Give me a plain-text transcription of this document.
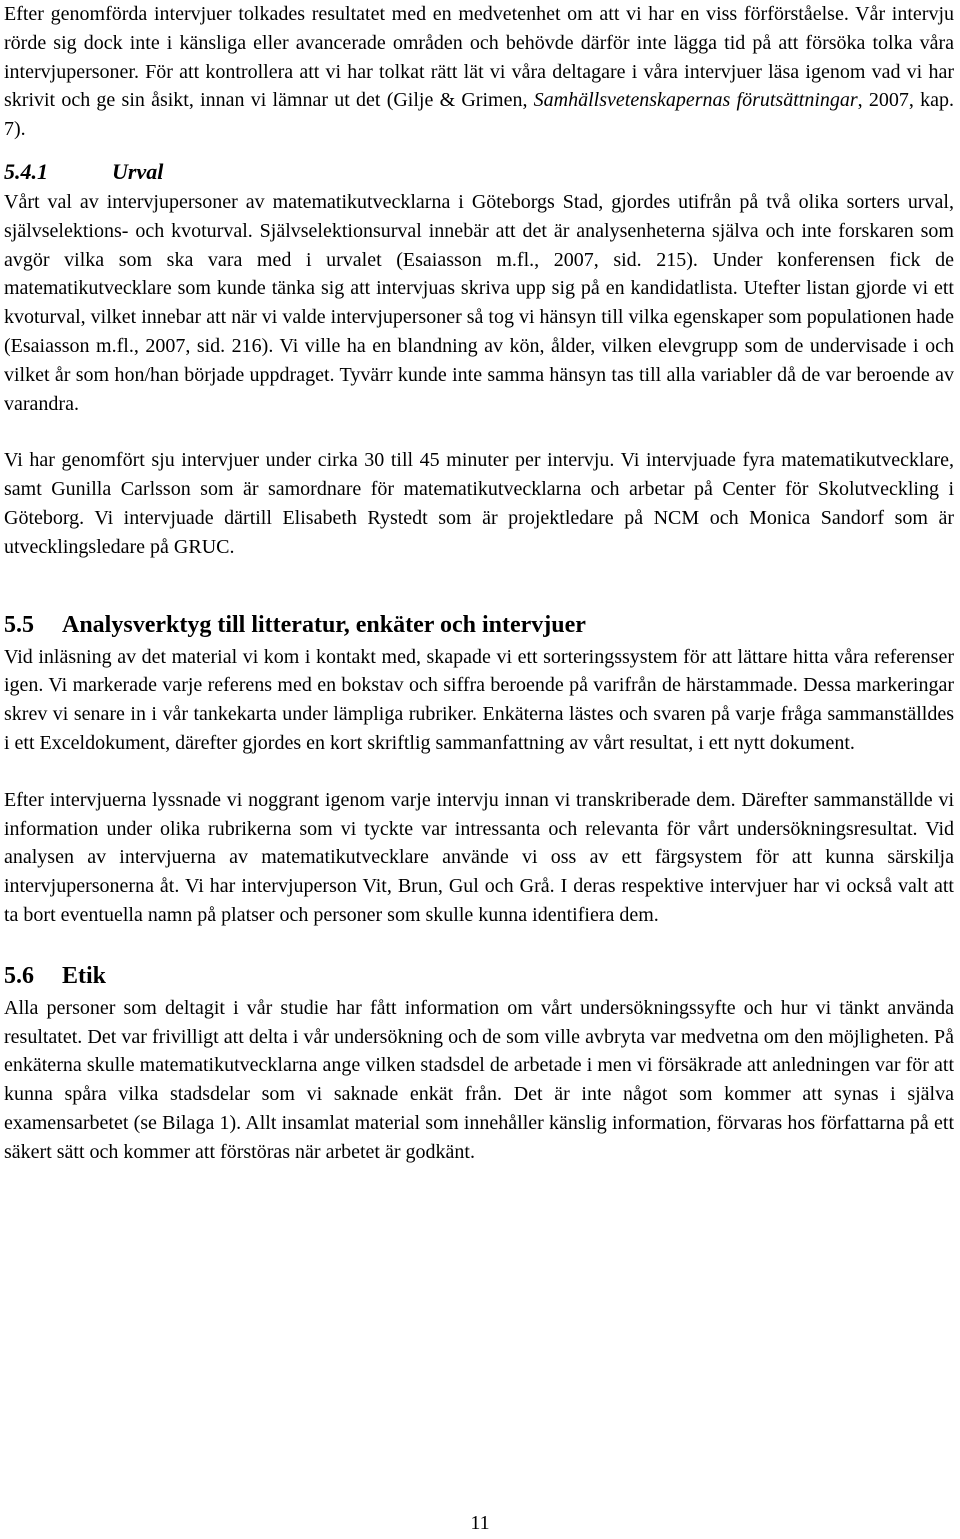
Efter genomförda intervjuer tolkades resultatet med en medvetenhet om att vi har en viss förförståelse. Vår intervju rörde sig dock inte i känsliga eller avancerade områden och behövde därför inte lägga tid på att försöka tolka våra intervjupersoner. För att kontrollera att vi har tolkat rätt lät vi våra deltagare i våra intervjuer läsa igenom vad vi har skrivit och ge sin åsikt, innan vi lämnar ut det (Gilje & Grimen, Samhällsvetenskapernas förutsättningar, 2007, kap. 7).

5.4.1	Urval

Vårt val av intervjupersoner av matematikutvecklarna i Göteborgs Stad, gjordes utifrån på två olika sorters urval, självselektions- och kvoturval. Självselektionsurval innebär att det är analysenheterna själva och inte forskaren som avgör vilka som ska vara med i urvalet (Esaiasson m.fl., 2007, sid. 215). Under konferensen fick de matematikutvecklare som kunde tänka sig att intervjuas skriva upp sig på en kandidatlista. Utefter listan gjorde vi ett kvoturval, vilket innebar att när vi valde intervjupersoner så tog vi hänsyn till vilka egenskaper som populationen hade (Esaiasson m.fl., 2007, sid. 216). Vi ville ha en blandning av kön, ålder, vilken elevgrupp som de undervisade i och vilket år som hon/han började uppdraget. Tyvärr kunde inte samma hänsyn tas till alla variabler då de var beroende av varandra.

Vi har genomfört sju intervjuer under cirka 30 till 45 minuter per intervju. Vi intervjuade fyra matematikutvecklare, samt Gunilla Carlsson som är samordnare för matematikutvecklarna och arbetar på Center för Skolutveckling i Göteborg. Vi intervjuade därtill Elisabeth Rystedt som är projektledare på NCM och Monica Sandorf som är utvecklingsledare på GRUC.

5.5	Analysverktyg till litteratur, enkäter och intervjuer

Vid inläsning av det material vi kom i kontakt med, skapade vi ett sorteringssystem för att lättare hitta våra referenser igen. Vi markerade varje referens med en bokstav och siffra beroende på varifrån de härstammade. Dessa markeringar skrev vi senare in i vår tankekarta under lämpliga rubriker. Enkäterna lästes och svaren på varje fråga sammanställdes i ett Exceldokument, därefter gjordes en kort skriftlig sammanfattning av vårt resultat, i ett nytt dokument.

Efter intervjuerna lyssnade vi noggrant igenom varje intervju innan vi transkriberade dem. Därefter sammanställde vi information under olika rubrikerna som vi tyckte var intressanta och relevanta för vårt undersökningsresultat. Vid analysen av intervjuerna av matematikutvecklare använde vi oss av ett färgsystem för att kunna särskilja intervjupersonerna åt. Vi har intervjuperson Vit, Brun, Gul och Grå. I deras respektive intervjuer har vi också valt att ta bort eventuella namn på platser och personer som skulle kunna identifiera dem.

5.6	Etik

Alla personer som deltagit i vår studie har fått information om vårt undersökningssyfte och hur vi tänkt använda resultatet. Det var frivilligt att delta i vår undersökning och de som ville avbryta var medvetna om den möjligheten. På enkäterna skulle matematikutvecklarna ange vilken stadsdel de arbetade i men vi försäkrade att anledningen var för att kunna spåra vilka stadsdelar som vi saknade enkät från. Det är inte något som kommer att synas i själva examensarbetet (se Bilaga 1). Allt insamlat material som innehåller känslig information, förvaras hos författarna på ett säkert sätt och kommer att förstöras när arbetet är godkänt.

11
